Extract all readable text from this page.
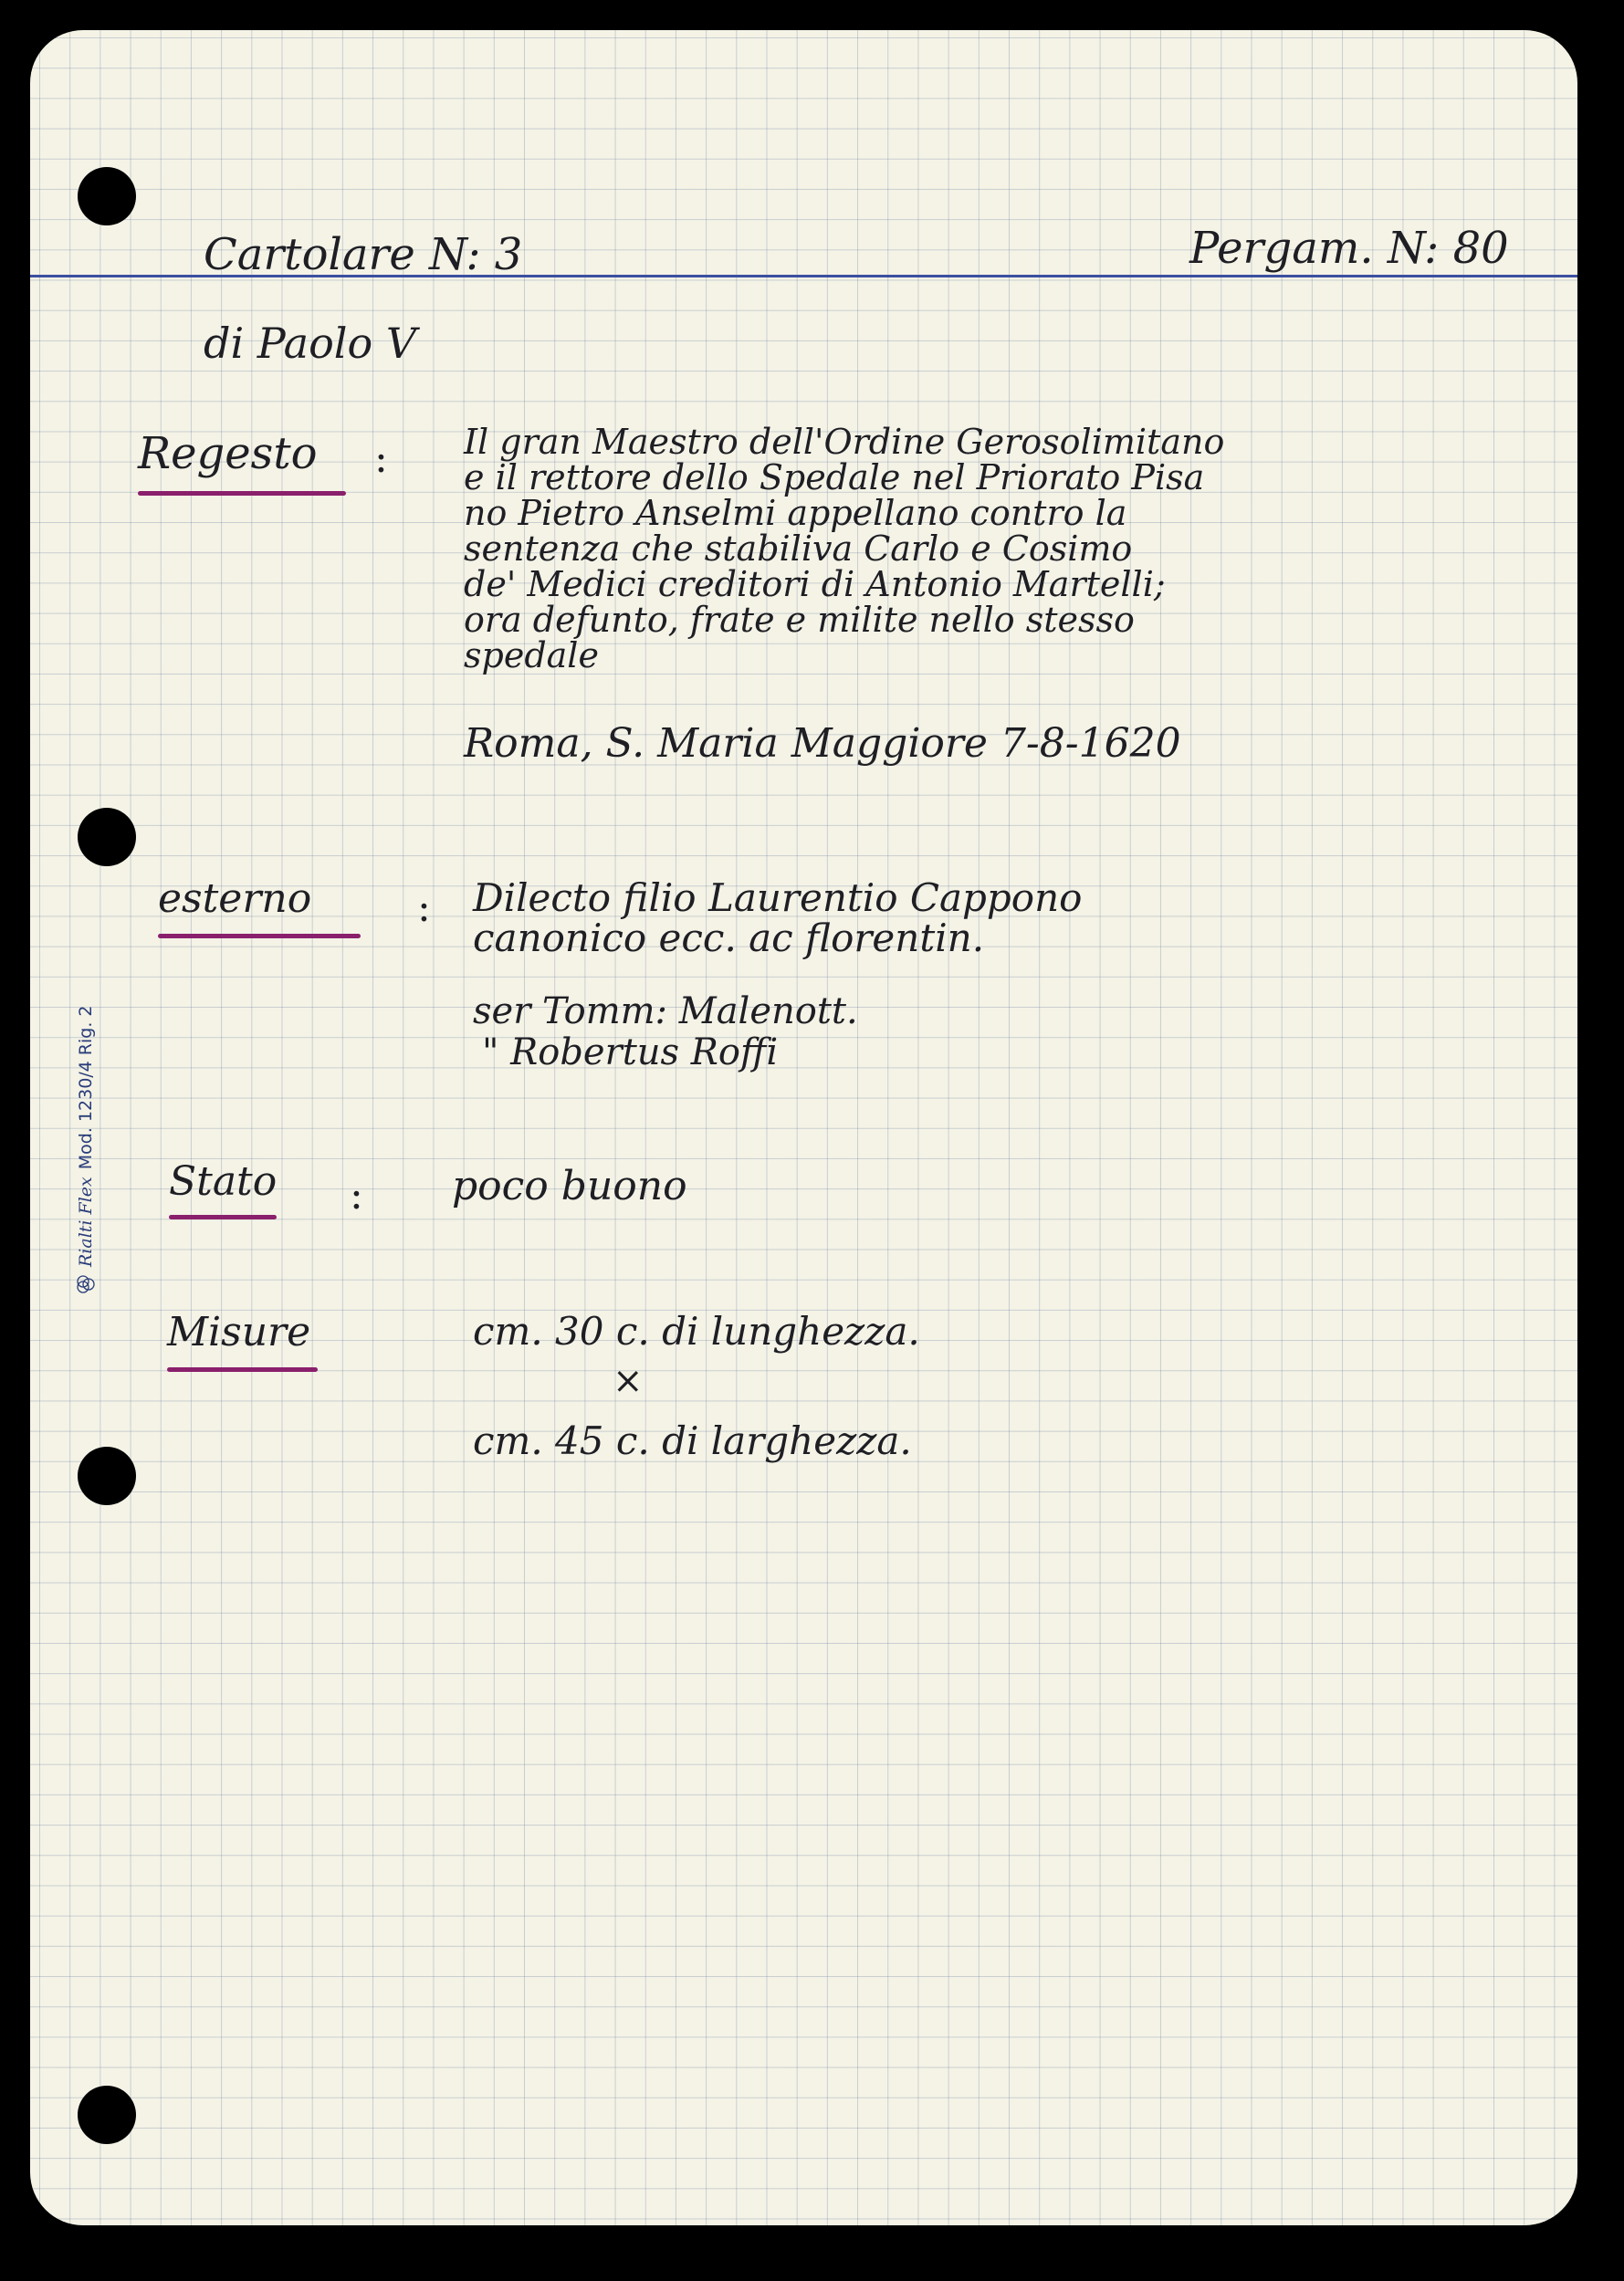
Cartolare N: 3	Pergam. N: 80
di Paolo V
Regesto : Il gran Maestro dell'Ordine Gerosolimitano
e il rettore dello Spedale nel Priorato Pisa
no Pietro Anselmi appellano contro la
sentenza che stabiliva Carlo e Cosimo
de' Medici creditori di Antonio Martelli;
ora defunto, frate e milite nello stesso
spedale
Roma, S. Maria Maggiore 7-8-1620
esterno	: Dilecto filio Laurentio Cappono
canonico ecc. ac florentin.
ser Tomm: Malenott.
" Robertus Roffi
Stato : poco buono
Misure	cm. 30 c. di lunghezza.
×
cm. 45 c. di larghezza.
Rialti Flex
Mod. 1230/4 Rig. 2
